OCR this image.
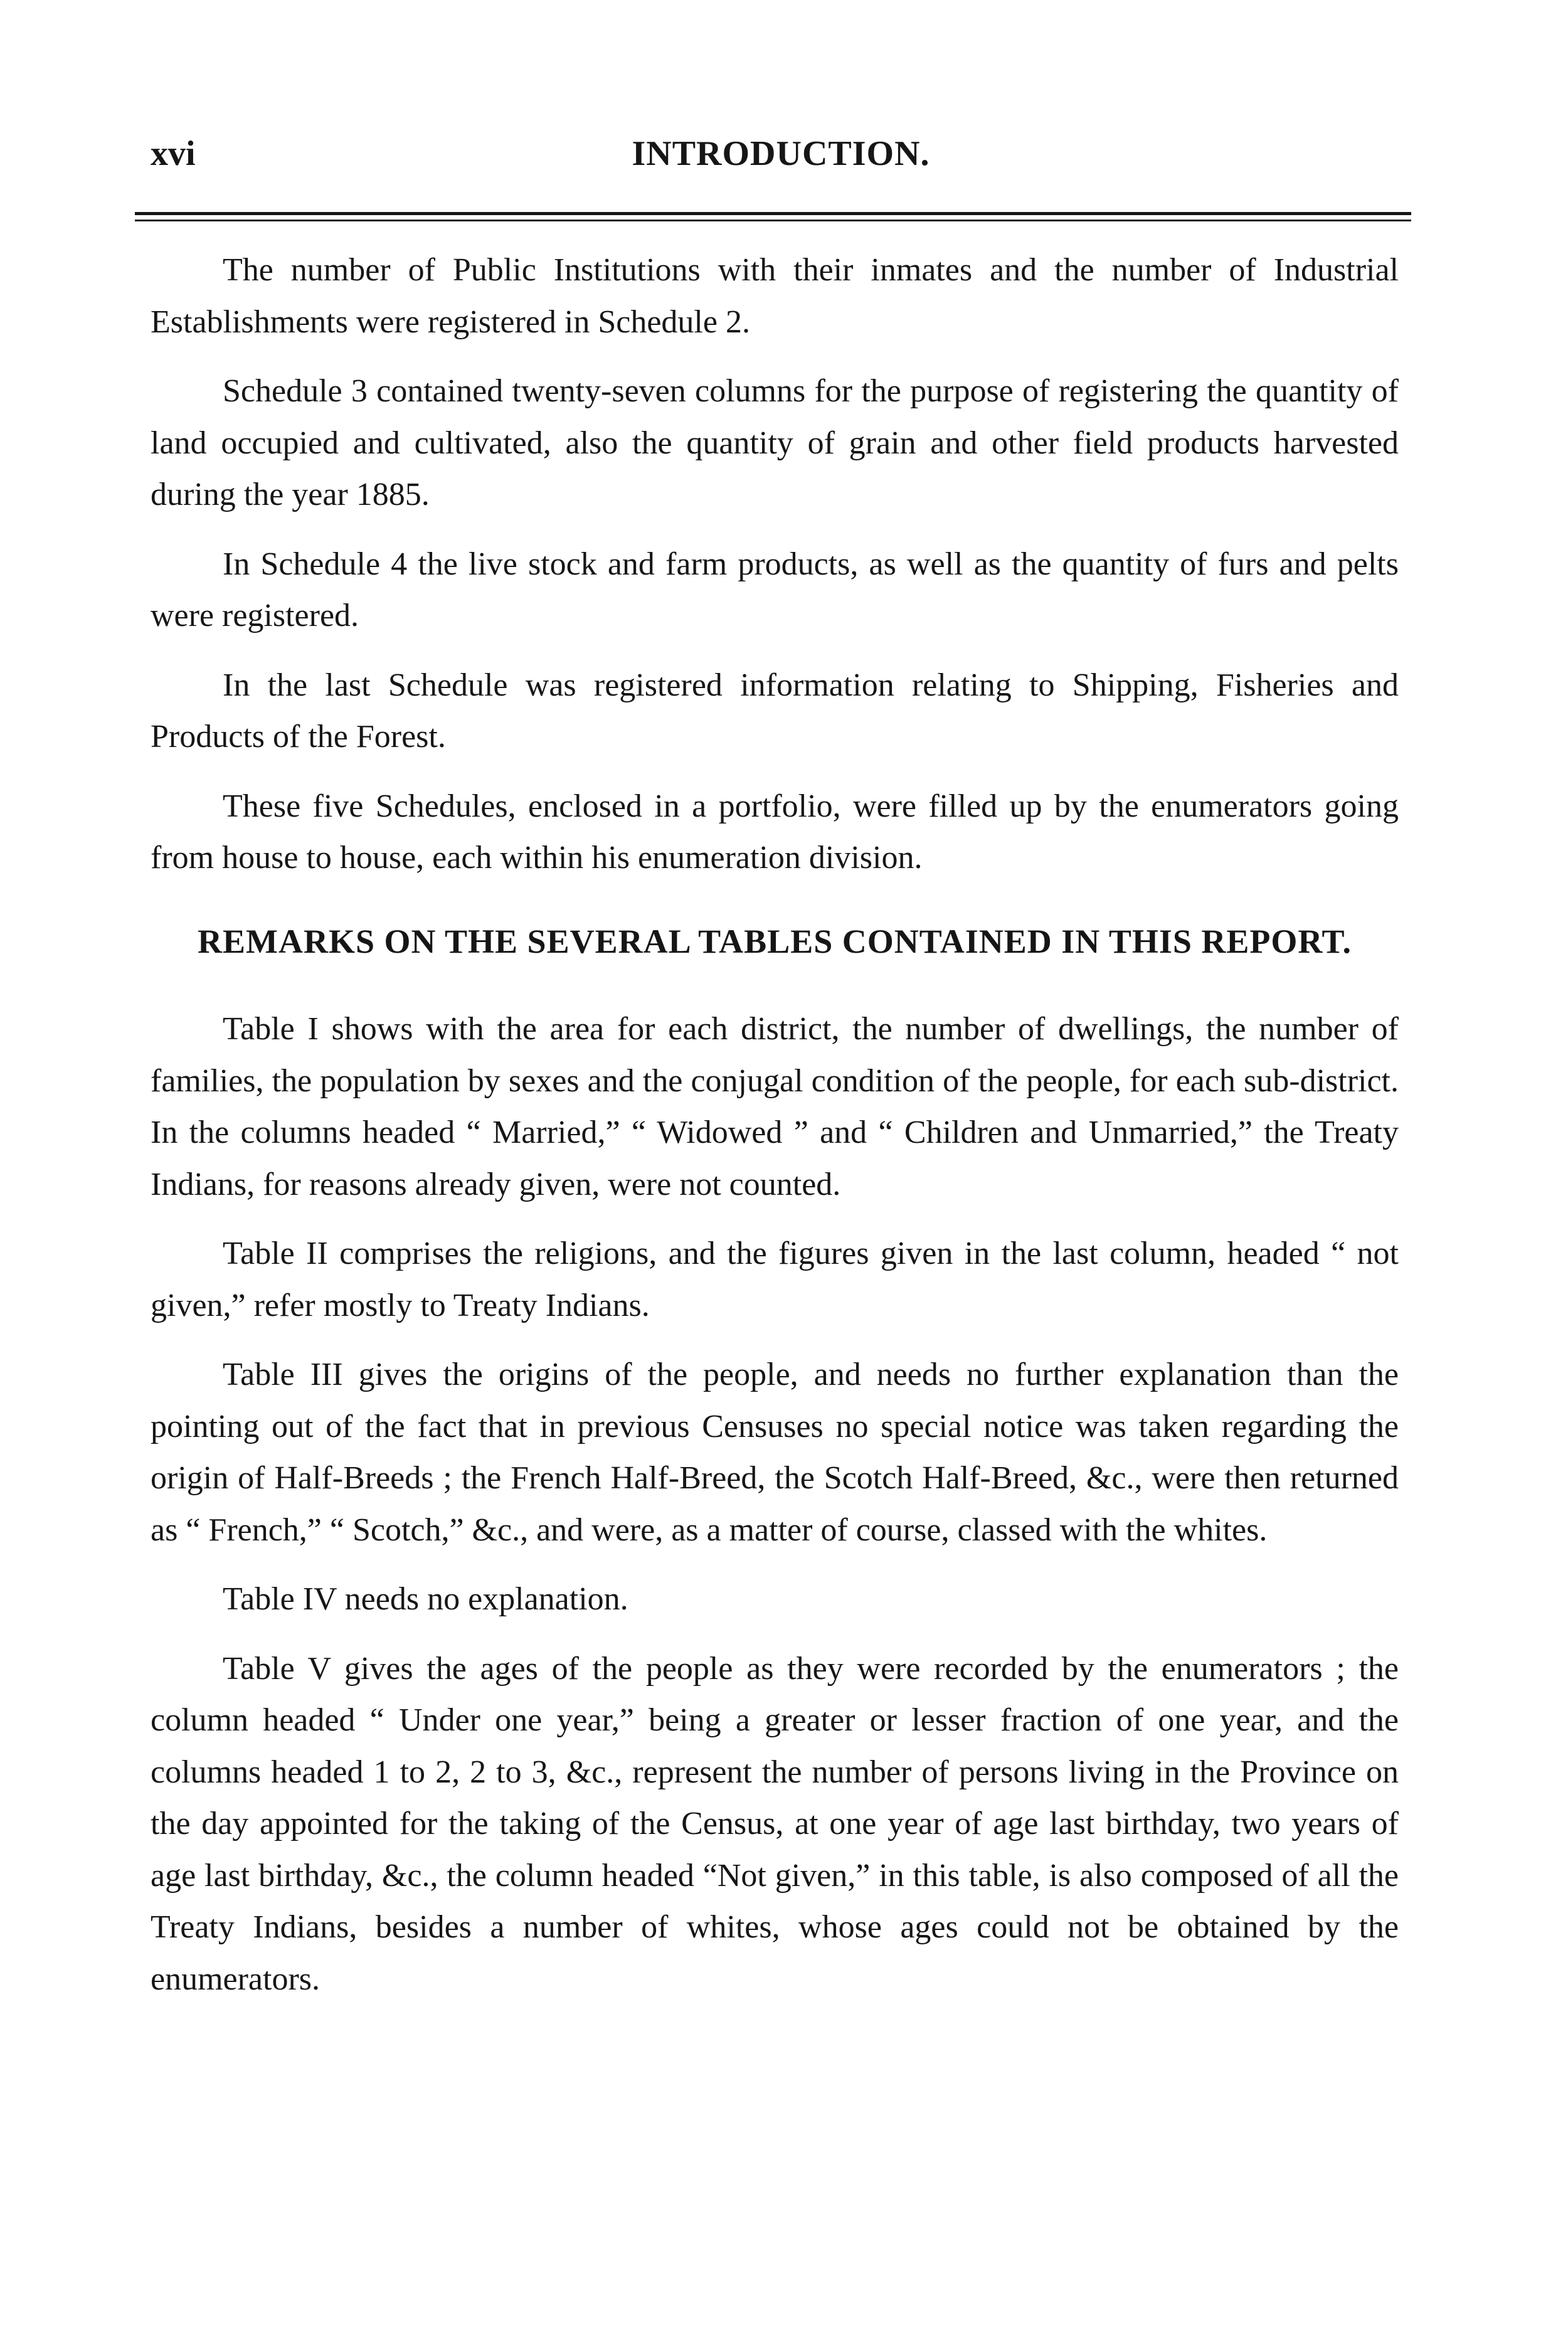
xvi	INTRODUCTION.

The number of Public Institutions with their inmates and the number of Industrial Establishments were registered in Schedule 2.

Schedule 3 contained twenty-seven columns for the purpose of registering the quantity of land occupied and cultivated, also the quantity of grain and other field products harvested during the year 1885.

In Schedule 4 the live stock and farm products, as well as the quantity of furs and pelts were registered.

In the last Schedule was registered information relating to Shipping, Fisheries and Products of the Forest.

These five Schedules, enclosed in a portfolio, were filled up by the enumerators going from house to house, each within his enumeration division.

REMARKS ON THE SEVERAL TABLES CONTAINED IN THIS REPORT.

Table I shows with the area for each district, the number of dwellings, the number of families, the population by sexes and the conjugal condition of the people, for each sub-district. In the columns headed “ Married,” “ Widowed ” and “ Children and Unmarried,” the Treaty Indians, for reasons already given, were not counted.

Table II comprises the religions, and the figures given in the last column, headed “ not given,” refer mostly to Treaty Indians.

Table III gives the origins of the people, and needs no further explanation than the pointing out of the fact that in previous Censuses no special notice was taken regarding the origin of Half-Breeds ; the French Half-Breed, the Scotch Half-Breed, &c., were then returned as “ French,” “ Scotch,” &c., and were, as a matter of course, classed with the whites.

Table IV needs no explanation.

Table V gives the ages of the people as they were recorded by the enumerators ; the column headed “ Under one year,” being a greater or lesser fraction of one year, and the columns headed 1 to 2, 2 to 3, &c., represent the number of persons living in the Province on the day appointed for the taking of the Census, at one year of age last birthday, two years of age last birthday, &c., the column headed “Not given,” in this table, is also composed of all the Treaty Indians, besides a number of whites, whose ages could not be obtained by the enumerators.
